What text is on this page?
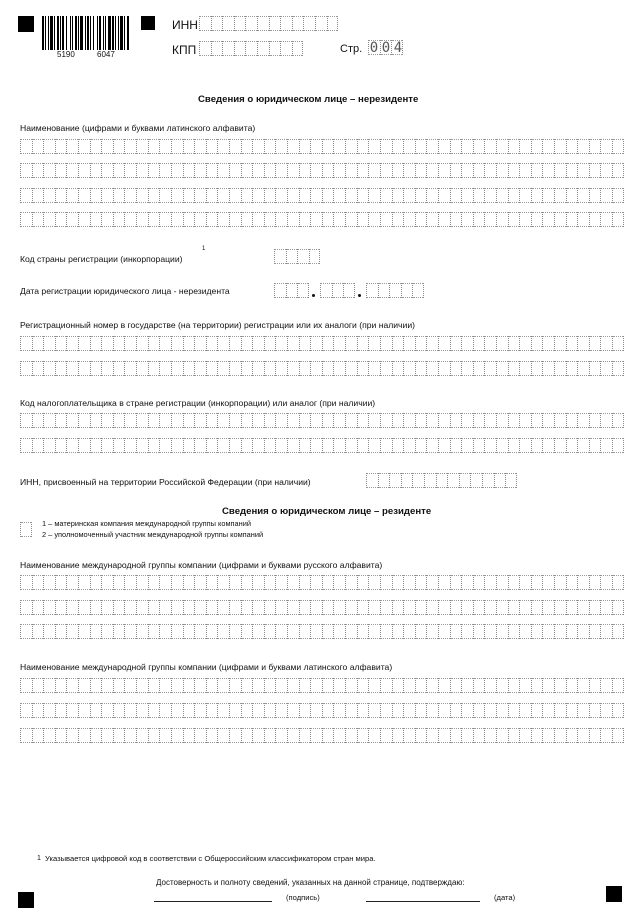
5190	6047
ИНН
КПП	Стр. 0 0 4
Сведения о юридическом лице – нерезиденте
Наименование (цифрами и буквами латинского алфавита)
Код страны регистрации (инкорпорации)
1
Дата регистрации юридического лица - нерезидента
Регистрационный номер в государстве (на территории) регистрации или их аналоги (при наличии)
Код налогоплательщика в стране регистрации (инкорпорации) или аналог (при наличии)
ИНН, присвоенный на территории Российской Федерации (при наличии)
Сведения о юридическом лице – резиденте
1 – материнская компания международной группы компаний
2 – уполномоченный участник международной группы компаний
Наименование международной группы компании (цифрами и буквами русского алфавита)
Наименование международной группы компании (цифрами и буквами латинского алфавита)
1 Указывается цифровой код в соответствии с Общероссийским классификатором стран мира.
Достоверность и полноту сведений, указанных на данной странице, подтверждаю:
(подпись)	(дата)
